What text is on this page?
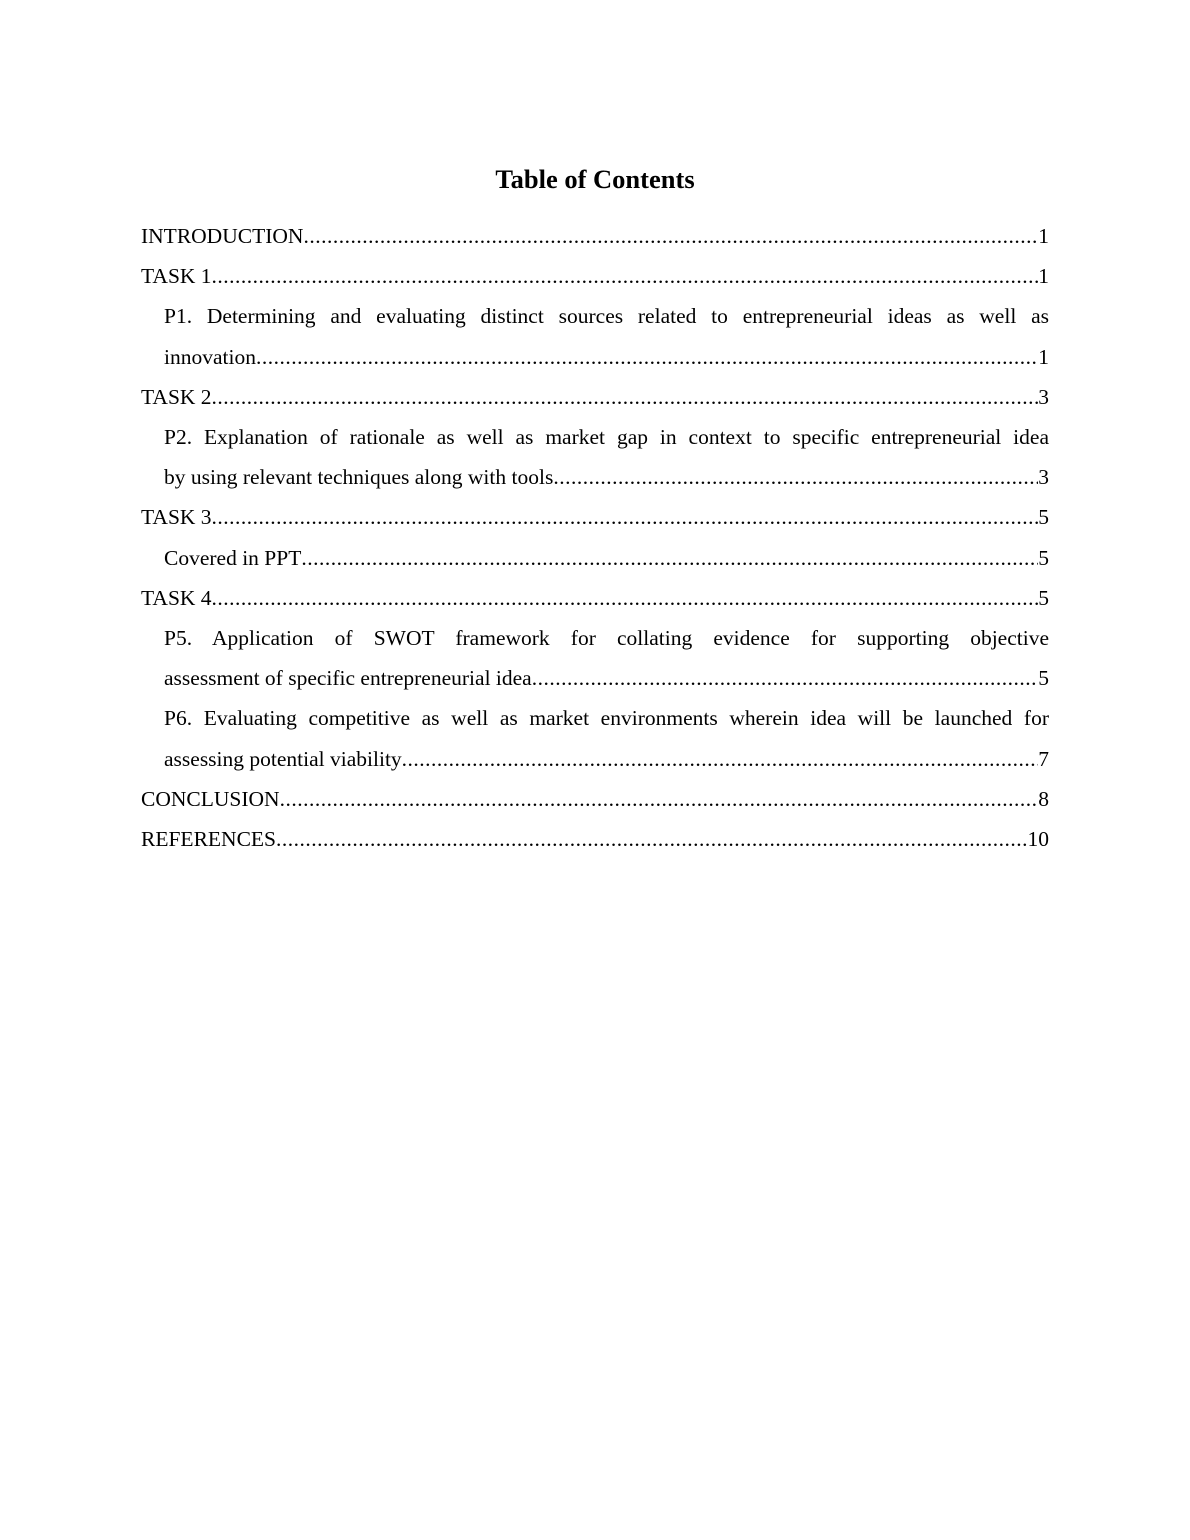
Table of Contents
INTRODUCTION .....	1
TASK 1 .....	1
P1. Determining and evaluating distinct sources related to entrepreneurial ideas as well as
innovation .....	1
TASK 2 .....	3
P2. Explanation of rationale as well as market gap in context to specific entrepreneurial idea
by using relevant techniques along with tools .....	3
TASK 3 .....	5
Covered in PPT .....	5
TASK 4 .....	5
P5. Application of SWOT framework for collating evidence for supporting objective
assessment of specific entrepreneurial idea .....	5
P6. Evaluating competitive as well as market environments wherein idea will be launched for
assessing potential viability .....	7
CONCLUSION .....	8
REFERENCES .....	10
